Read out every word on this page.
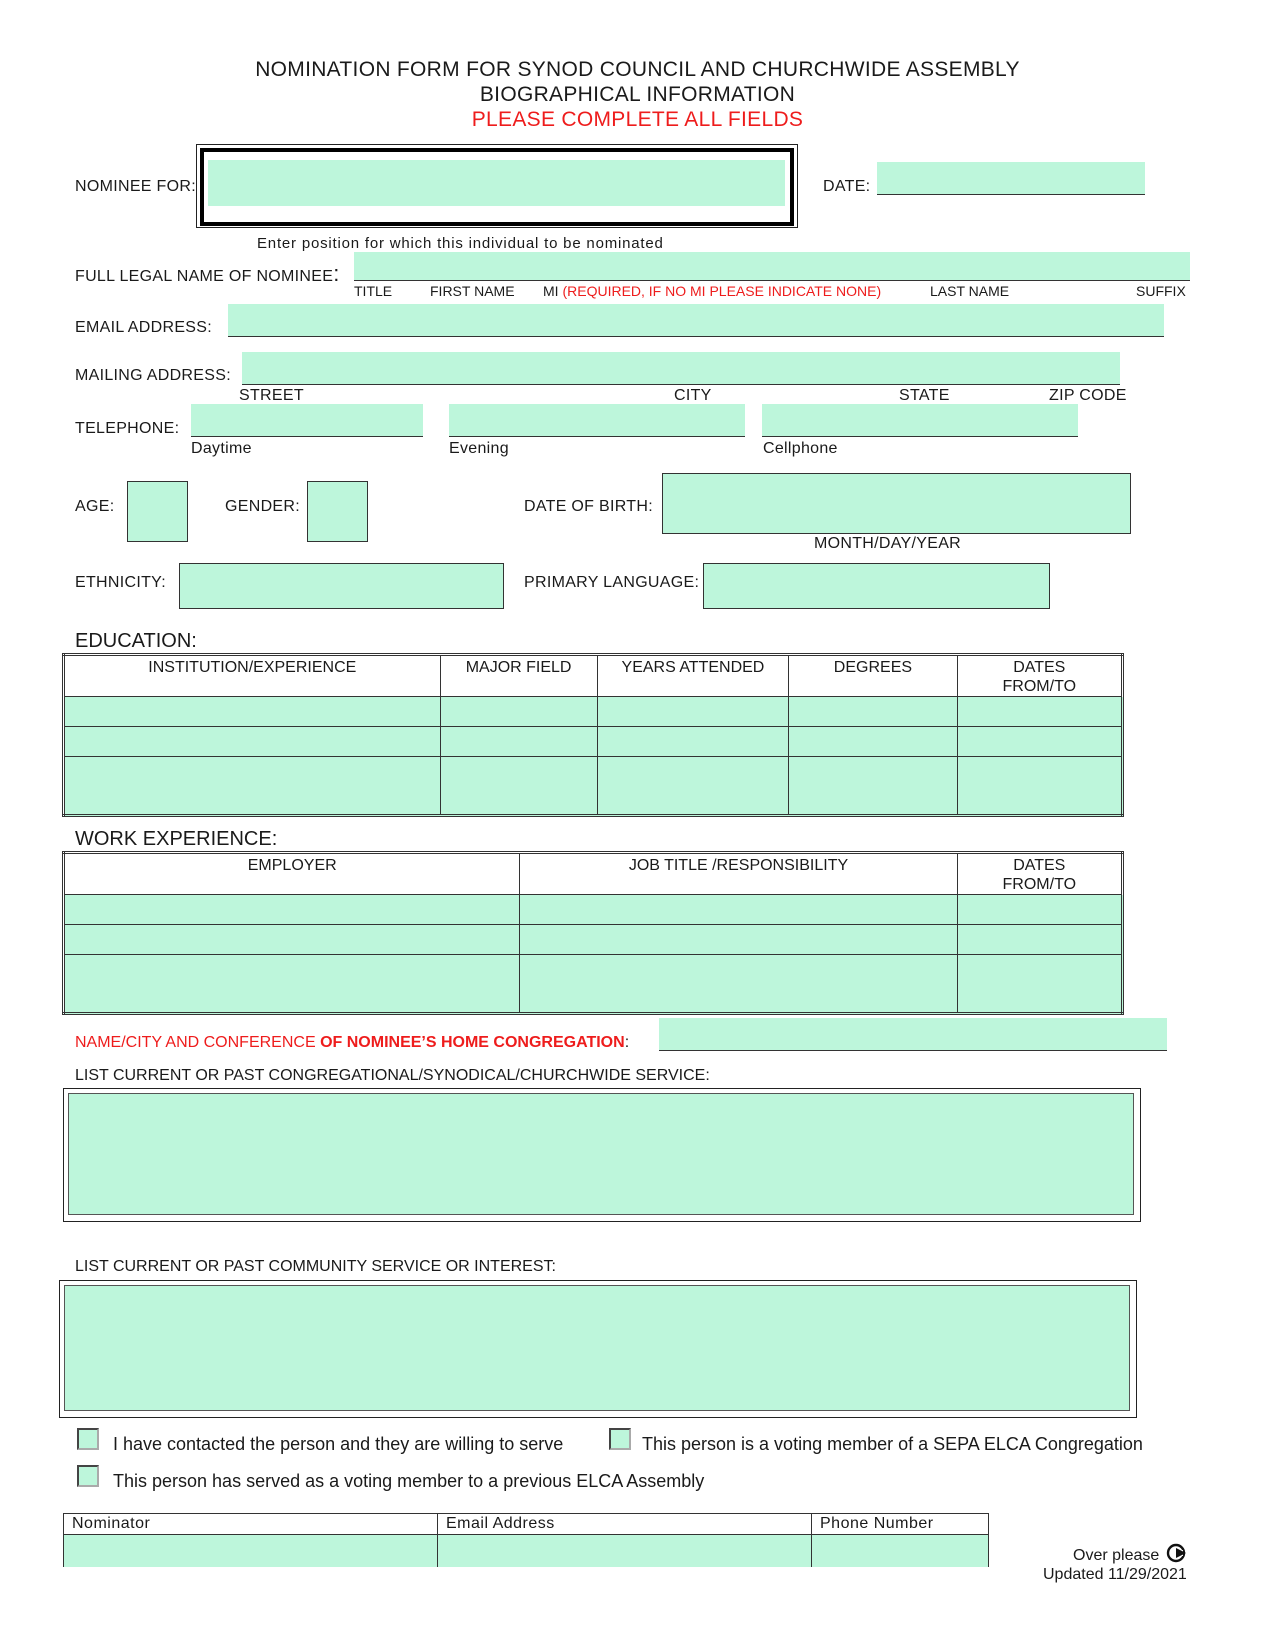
NOMINATION FORM FOR SYNOD COUNCIL AND CHURCHWIDE ASSEMBLY
BIOGRAPHICAL INFORMATION
PLEASE COMPLETE ALL FIELDS
NOMINEE FOR:
Enter position for which this individual to be nominated
DATE:
FULL LEGAL NAME OF NOMINEE:
TITLE	FIRST NAME MI (REQUIRED, IF NO MI PLEASE INDICATE NONE)	LAST NAME	SUFFIX
EMAIL ADDRESS:
MAILING ADDRESS:
STREET	CITY	STATE	ZIP CODE
TELEPHONE:
Daytime	Evening	Cellphone
AGE:	GENDER:	DATE OF BIRTH:
MONTH/DAY/YEAR
ETHNICITY:	PRIMARY LANGUAGE:
EDUCATION:
INSTITUTION/EXPERIENCE	MAJOR FIELD	YEARS ATTENDED	DEGREES	DATES FROM/TO

WORK EXPERIENCE:
EMPLOYER	JOB TITLE /RESPONSIBILITY	DATES FROM/TO

NAME/CITY AND CONFERENCE OF NOMINEE’S HOME CONGREGATION:
LIST CURRENT OR PAST CONGREGATIONAL/SYNODICAL/CHURCHWIDE SERVICE:
LIST CURRENT OR PAST COMMUNITY SERVICE OR INTEREST:
I have contacted the person and they are willing to serve	This person is a voting member of a SEPA ELCA Congregation
This person has served as a voting member to a previous ELCA Assembly
Nominator	Email Address	Phone Number

Over please
Updated 11/29/2021
